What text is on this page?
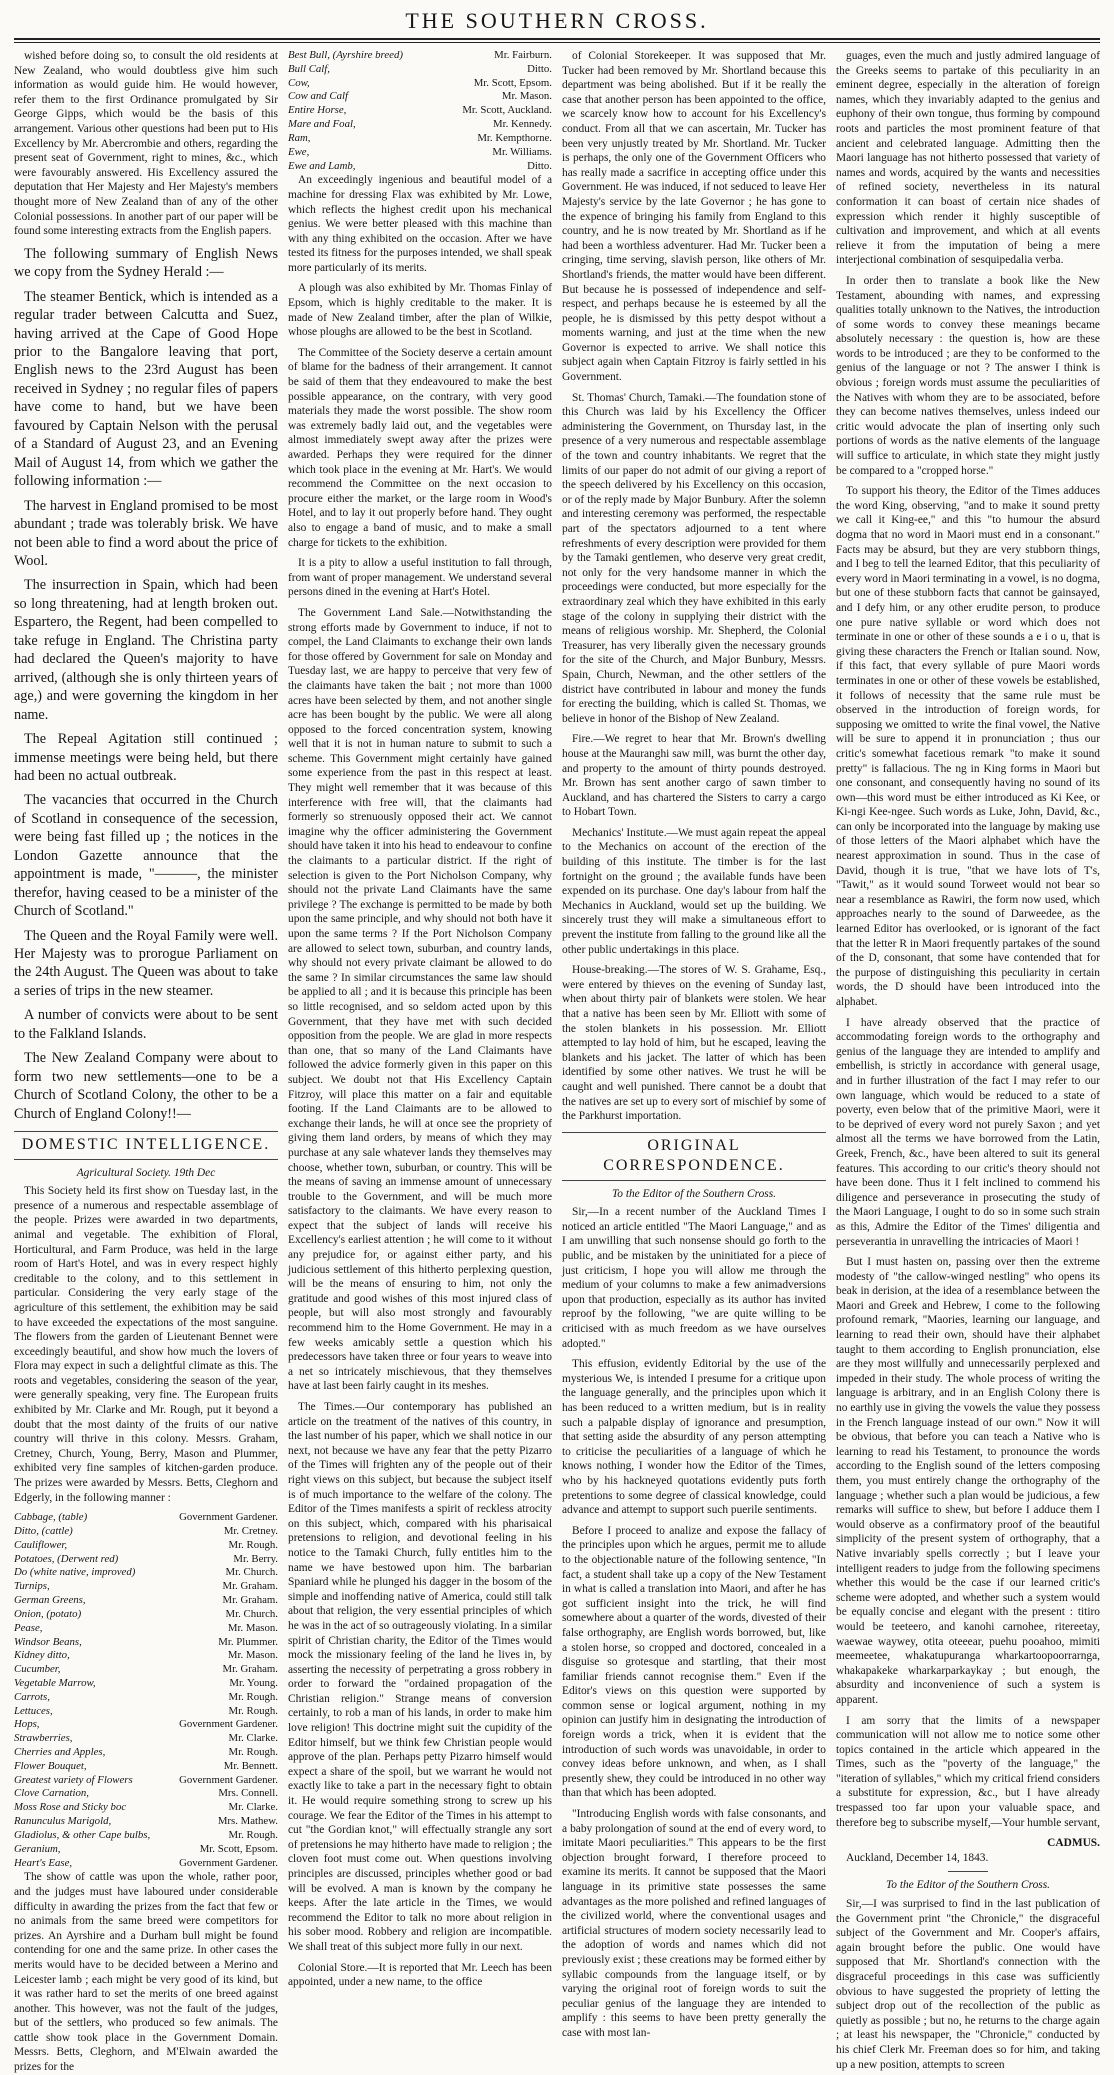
THE SOUTHERN CROSS.

wished before doing so, to consult the old residents at New Zealand, who would doubtless give him such information as would guide him. He would however, refer them to the first Ordinance promulgated by Sir George Gipps, which would be the basis of this arrangement. Various other questions had been put to His Excellency by Mr. Abercrombie and others, regarding the present seat of Government, right to mines, &c., which were favourably answered. His Excellency assured the deputation that Her Majesty and Her Majesty's members thought more of New Zealand than of any of the other Colonial possessions. In another part of our paper will be found some interesting extracts from the English papers.

The following summary of English News we copy from the Sydney Herald :—

The steamer Bentick, which is intended as a regular trader between Calcutta and Suez, having arrived at the Cape of Good Hope prior to the Bangalore leaving that port, English news to the 23rd August has been received in Sydney ; no regular files of papers have come to hand, but we have been favoured by Captain Nelson with the perusal of a Standard of August 23, and an Evening Mail of August 14, from which we gather the following information :—

The harvest in England promised to be most abundant ; trade was tolerably brisk. We have not been able to find a word about the price of Wool.

The insurrection in Spain, which had been so long threatening, had at length broken out. Espartero, the Regent, had been compelled to take refuge in England. The Christina party had declared the Queen's majority to have arrived, (although she is only thirteen years of age,) and were governing the kingdom in her name.

The Repeal Agitation still continued ; immense meetings were being held, but there had been no actual outbreak.

The vacancies that occurred in the Church of Scotland in consequence of the secession, were being fast filled up ; the notices in the London Gazette announce that the appointment is made, "———, the minister therefor, having ceased to be a minister of the Church of Scotland."

The Queen and the Royal Family were well. Her Majesty was to prorogue Parliament on the 24th August. The Queen was about to take a series of trips in the new steamer.

A number of convicts were about to be sent to the Falkland Islands.

The New Zealand Company were about to form two new settlements—one to be a Church of Scotland Colony, the other to be a Church of England Colony!!—

DOMESTIC INTELLIGENCE.
Agricultural Society. 19th Dec

This Society held its first show on Tuesday last, in the presence of a numerous and respectable assemblage of the people. Prizes were awarded in two departments, animal and vegetable. The exhibition of Floral, Horticultural, and Farm Produce, was held in the large room of Hart's Hotel, and was in every respect highly creditable to the colony, and to this settlement in particular. Considering the very early stage of the agriculture of this settlement, the exhibition may be said to have exceeded the expectations of the most sanguine. The flowers from the garden of Lieutenant Bennet were exceedingly beautiful, and show how much the lovers of Flora may expect in such a delightful climate as this. The roots and vegetables, considering the season of the year, were generally speaking, very fine. The European fruits exhibited by Mr. Clarke and Mr. Rough, put it beyond a doubt that the most dainty of the fruits of our native country will thrive in this colony. Messrs. Graham, Cretney, Church, Young, Berry, Mason and Plummer, exhibited very fine samples of kitchen-garden produce. The prizes were awarded by Messrs. Betts, Cleghorn and Edgerly, in the following manner :

Cabbage, (table)	Government Gardener.
Ditto, (cattle)	Mr. Cretney.
Cauliflower,	Mr. Rough.
Potatoes, (Derwent red)	Mr. Berry.
Do (white native, improved)	Mr. Church.
Turnips,	Mr. Graham.
German Greens,	Mr. Graham.
Onion, (potato)	Mr. Church.
Pease,	Mr. Mason.
Windsor Beans,	Mr. Plummer.
Kidney ditto,	Mr. Mason.
Cucumber,	Mr. Graham.
Vegetable Marrow,	Mr. Young.
Carrots,	Mr. Rough.
Lettuces,	Mr. Rough.
Hops,	Government Gardener.
Strawberries,	Mr. Clarke.
Cherries and Apples,	Mr. Rough.
Flower Bouquet,	Mr. Bennett.
Greatest variety of Flowers	Government Gardener.
Clove Carnation,	Mrs. Connell.
Moss Rose and Sticky boc	Mr. Clarke.
Ranunculus Marigold,	Mrs. Mathew.
Gladiolus, & other Cape bulbs,	Mr. Rough.
Geranium,	Mr. Scott, Epsom.
Heart's Ease,	Government Gardener.

The show of cattle was upon the whole, rather poor, and the judges must have laboured under considerable difficulty in awarding the prizes from the fact that few or no animals from the same breed were competitors for prizes. An Ayrshire and a Durham bull might be found contending for one and the same prize. In other cases the merits would have to be decided between a Merino and Leicester lamb ; each might be very good of its kind, but it was rather hard to set the merits of one breed against another. This however, was not the fault of the judges, but of the settlers, who produced so few animals. The cattle show took place in the Government Domain. Messrs. Betts, Cleghorn, and M'Elwain awarded the prizes for the

Best Bull, (Ayrshire breed)	Mr. Fairburn.
Bull Calf,	Ditto.
Cow,	Mr. Scott, Epsom.
Cow and Calf	Mr. Mason.
Entire Horse,	Mr. Scott, Auckland.
Mare and Foal,	Mr. Kennedy.
Ram,	Mr. Kempthorne.
Ewe,	Mr. Williams.
Ewe and Lamb,	Ditto.

An exceedingly ingenious and beautiful model of a machine for dressing Flax was exhibited by Mr. Lowe, which reflects the highest credit upon his mechanical genius. We were better pleased with this machine than with any thing exhibited on the occasion. After we have tested its fitness for the purposes intended, we shall speak more particularly of its merits.

A plough was also exhibited by Mr. Thomas Finlay of Epsom, which is highly creditable to the maker. It is made of New Zealand timber, after the plan of Wilkie, whose ploughs are allowed to be the best in Scotland.

The Committee of the Society deserve a certain amount of blame for the badness of their arrangement. It cannot be said of them that they endeavoured to make the best possible appearance, on the contrary, with very good materials they made the worst possible. The show room was extremely badly laid out, and the vegetables were almost immediately swept away after the prizes were awarded. Perhaps they were required for the dinner which took place in the evening at Mr. Hart's. We would recommend the Committee on the next occasion to procure either the market, or the large room in Wood's Hotel, and to lay it out properly before hand. They ought also to engage a band of music, and to make a small charge for tickets to the exhibition.

It is a pity to allow a useful institution to fall through, from want of proper management. We understand several persons dined in the evening at Hart's Hotel.

The Government Land Sale.—Notwithstanding the strong efforts made by Government to induce, if not to compel, the Land Claimants to exchange their own lands for those offered by Government for sale on Monday and Tuesday last, we are happy to perceive that very few of the claimants have taken the bait ; not more than 1000 acres have been selected by them, and not another single acre has been bought by the public. We were all along opposed to the forced concentration system, knowing well that it is not in human nature to submit to such a scheme. This Government might certainly have gained some experience from the past in this respect at least. They might well remember that it was because of this interference with free will, that the claimants had formerly so strenuously opposed their act. We cannot imagine why the officer administering the Government should have taken it into his head to endeavour to confine the claimants to a particular district. If the right of selection is given to the Port Nicholson Company, why should not the private Land Claimants have the same privilege ? The exchange is permitted to be made by both upon the same principle, and why should not both have it upon the same terms ? If the Port Nicholson Company are allowed to select town, suburban, and country lands, why should not every private claimant be allowed to do the same ? In similar circumstances the same law should be applied to all ; and it is because this principle has been so little recognised, and so seldom acted upon by this Government, that they have met with such decided opposition from the people. We are glad in more respects than one, that so many of the Land Claimants have followed the advice formerly given in this paper on this subject. We doubt not that His Excellency Captain Fitzroy, will place this matter on a fair and equitable footing. If the Land Claimants are to be allowed to exchange their lands, he will at once see the propriety of giving them land orders, by means of which they may purchase at any sale whatever lands they themselves may choose, whether town, suburban, or country. This will be the means of saving an immense amount of unnecessary trouble to the Government, and will be much more satisfactory to the claimants. We have every reason to expect that the subject of lands will receive his Excellency's earliest attention ; he will come to it without any prejudice for, or against either party, and his judicious settlement of this hitherto perplexing question, will be the means of ensuring to him, not only the gratitude and good wishes of this most injured class of people, but will also most strongly and favourably recommend him to the Home Government. He may in a few weeks amicably settle a question which his predecessors have taken three or four years to weave into a net so intricately mischievous, that they themselves have at last been fairly caught in its meshes.

The Times.—Our contemporary has published an article on the treatment of the natives of this country, in the last number of his paper, which we shall notice in our next, not because we have any fear that the petty Pizarro of the Times will frighten any of the people out of their right views on this subject, but because the subject itself is of much importance to the welfare of the colony. The Editor of the Times manifests a spirit of reckless atrocity on this subject, which, compared with his pharisaical pretensions to religion, and devotional feeling in his notice to the Tamaki Church, fully entitles him to the name we have bestowed upon him. The barbarian Spaniard while he plunged his dagger in the bosom of the simple and inoffending native of America, could still talk about that religion, the very essential principles of which he was in the act of so outrageously violating. In a similar spirit of Christian charity, the Editor of the Times would mock the missionary feeling of the land he lives in, by asserting the necessity of perpetrating a gross robbery in order to forward the "ordained propagation of the Christian religion." Strange means of conversion certainly, to rob a man of his lands, in order to make him love religion! This doctrine might suit the cupidity of the Editor himself, but we think few Christian people would approve of the plan. Perhaps petty Pizarro himself would expect a share of the spoil, but we warrant he would not exactly like to take a part in the necessary fight to obtain it. He would require something strong to screw up his courage. We fear the Editor of the Times in his attempt to cut "the Gordian knot," will effectually strangle any sort of pretensions he may hitherto have made to religion ; the cloven foot must come out. When questions involving principles are discussed, principles whether good or bad will be evolved. A man is known by the company he keeps. After the late article in the Times, we would recommend the Editor to talk no more about religion in his sober mood. Robbery and religion are incompatible. We shall treat of this subject more fully in our next.

Colonial Store.—It is reported that Mr. Leech has been appointed, under a new name, to the office

of Colonial Storekeeper. It was supposed that Mr. Tucker had been removed by Mr. Shortland because this department was being abolished. But if it be really the case that another person has been appointed to the office, we scarcely know how to account for his Excellency's conduct. From all that we can ascertain, Mr. Tucker has been very unjustly treated by Mr. Shortland. Mr. Tucker is perhaps, the only one of the Government Officers who has really made a sacrifice in accepting office under this Government. He was induced, if not seduced to leave Her Majesty's service by the late Governor ; he has gone to the expence of bringing his family from England to this country, and he is now treated by Mr. Shortland as if he had been a worthless adventurer. Had Mr. Tucker been a cringing, time serving, slavish person, like others of Mr. Shortland's friends, the matter would have been different. But because he is possessed of independence and self-respect, and perhaps because he is esteemed by all the people, he is dismissed by this petty despot without a moments warning, and just at the time when the new Governor is expected to arrive. We shall notice this subject again when Captain Fitzroy is fairly settled in his Government.

St. Thomas' Church, Tamaki.—The foundation stone of this Church was laid by his Excellency the Officer administering the Government, on Thursday last, in the presence of a very numerous and respectable assemblage of the town and country inhabitants. We regret that the limits of our paper do not admit of our giving a report of the speech delivered by his Excellency on this occasion, or of the reply made by Major Bunbury. After the solemn and interesting ceremony was performed, the respectable part of the spectators adjourned to a tent where refreshments of every description were provided for them by the Tamaki gentlemen, who deserve very great credit, not only for the very handsome manner in which the proceedings were conducted, but more especially for the extraordinary zeal which they have exhibited in this early stage of the colony in supplying their district with the means of religious worship. Mr. Shepherd, the Colonial Treasurer, has very liberally given the necessary grounds for the site of the Church, and Major Bunbury, Messrs. Spain, Church, Newman, and the other settlers of the district have contributed in labour and money the funds for erecting the building, which is called St. Thomas, we believe in honor of the Bishop of New Zealand.

Fire.—We regret to hear that Mr. Brown's dwelling house at the Mauranghi saw mill, was burnt the other day, and property to the amount of thirty pounds destroyed. Mr. Brown has sent another cargo of sawn timber to Auckland, and has chartered the Sisters to carry a cargo to Hobart Town.

Mechanics' Institute.—We must again repeat the appeal to the Mechanics on account of the erection of the building of this institute. The timber is for the last fortnight on the ground ; the available funds have been expended on its purchase. One day's labour from half the Mechanics in Auckland, would set up the building. We sincerely trust they will make a simultaneous effort to prevent the institute from falling to the ground like all the other public undertakings in this place.

House-breaking.—The stores of W. S. Grahame, Esq., were entered by thieves on the evening of Sunday last, when about thirty pair of blankets were stolen. We hear that a native has been seen by Mr. Elliott with some of the stolen blankets in his possession. Mr. Elliott attempted to lay hold of him, but he escaped, leaving the blankets and his jacket. The latter of which has been identified by some other natives. We trust he will be caught and well punished. There cannot be a doubt that the natives are set up to every sort of mischief by some of the Parkhurst importation.

ORIGINAL CORRESPONDENCE.
To the Editor of the Southern Cross.

Sir,—In a recent number of the Auckland Times I noticed an article entitled "The Maori Language," and as I am unwilling that such nonsense should go forth to the public, and be mistaken by the uninitiated for a piece of just criticism, I hope you will allow me through the medium of your columns to make a few animadversions upon that production, especially as its author has invited reproof by the following, "we are quite willing to be criticised with as much freedom as we have ourselves adopted."

This effusion, evidently Editorial by the use of the mysterious We, is intended I presume for a critique upon the language generally, and the principles upon which it has been reduced to a written medium, but is in reality such a palpable display of ignorance and presumption, that setting aside the absurdity of any person attempting to criticise the peculiarities of a language of which he knows nothing, I wonder how the Editor of the Times, who by his hackneyed quotations evidently puts forth pretentions to some degree of classical knowledge, could advance and attempt to support such puerile sentiments.

Before I proceed to analize and expose the fallacy of the principles upon which he argues, permit me to allude to the objectionable nature of the following sentence, "In fact, a student shall take up a copy of the New Testament in what is called a translation into Maori, and after he has got sufficient insight into the trick, he will find somewhere about a quarter of the words, divested of their false orthography, are English words borrowed, but, like a stolen horse, so cropped and doctored, concealed in a disguise so grotesque and startling, that their most familiar friends cannot recognise them." Even if the Editor's views on this question were supported by common sense or logical argument, nothing in my opinion can justify him in designating the introduction of foreign words a trick, when it is evident that the introduction of such words was unavoidable, in order to convey ideas before unknown, and when, as I shall presently shew, they could be introduced in no other way than that which has been adopted.

"Introducing English words with false consonants, and a baby prolongation of sound at the end of every word, to imitate Maori peculiarities." This appears to be the first objection brought forward, I therefore proceed to examine its merits. It cannot be supposed that the Maori language in its primitive state possesses the same advantages as the more polished and refined languages of the civilized world, where the conventional usages and artificial structures of modern society necessarily lead to the adoption of words and names which did not previously exist ; these creations may be formed either by syllabic compounds from the language itself, or by varying the original root of foreign words to suit the peculiar genius of the language they are intended to amplify : this seems to have been pretty generally the case with most lan-

guages, even the much and justly admired language of the Greeks seems to partake of this peculiarity in an eminent degree, especially in the alteration of foreign names, which they invariably adapted to the genius and euphony of their own tongue, thus forming by compound roots and particles the most prominent feature of that ancient and celebrated language. Admitting then the Maori language has not hitherto possessed that variety of names and words, acquired by the wants and necessities of refined society, nevertheless in its natural conformation it can boast of certain nice shades of expression which render it highly susceptible of cultivation and improvement, and which at all events relieve it from the imputation of being a mere interjectional combination of sesquipedalia verba.

In order then to translate a book like the New Testament, abounding with names, and expressing qualities totally unknown to the Natives, the introduction of some words to convey these meanings became absolutely necessary : the question is, how are these words to be introduced ; are they to be conformed to the genius of the language or not ? The answer I think is obvious ; foreign words must assume the peculiarities of the Natives with whom they are to be associated, before they can become natives themselves, unless indeed our critic would advocate the plan of inserting only such portions of words as the native elements of the language will suffice to articulate, in which state they might justly be compared to a "cropped horse."

To support his theory, the Editor of the Times adduces the word King, observing, "and to make it sound pretty we call it King-ee," and this "to humour the absurd dogma that no word in Maori must end in a consonant." Facts may be absurd, but they are very stubborn things, and I beg to tell the learned Editor, that this peculiarity of every word in Maori terminating in a vowel, is no dogma, but one of these stubborn facts that cannot be gainsayed, and I defy him, or any other erudite person, to produce one pure native syllable or word which does not terminate in one or other of these sounds a e i o u, that is giving these characters the French or Italian sound. Now, if this fact, that every syllable of pure Maori words terminates in one or other of these vowels be established, it follows of necessity that the same rule must be observed in the introduction of foreign words, for supposing we omitted to write the final vowel, the Native will be sure to append it in pronunciation ; thus our critic's somewhat facetious remark "to make it sound pretty" is fallacious. The ng in King forms in Maori but one consonant, and consequently having no sound of its own—this word must be either introduced as Ki Kee, or Ki-ngi Kee-ngee. Such words as Luke, John, David, &c., can only be incorporated into the language by making use of those letters of the Maori alphabet which have the nearest approximation in sound. Thus in the case of David, though it is true, "that we have lots of T's, "Tawit," as it would sound Torweet would not bear so near a resemblance as Rawiri, the form now used, which approaches nearly to the sound of Darweedee, as the learned Editor has overlooked, or is ignorant of the fact that the letter R in Maori frequently partakes of the sound of the D, consonant, that some have contended that for the purpose of distinguishing this peculiarity in certain words, the D should have been introduced into the alphabet.

I have already observed that the practice of accommodating foreign words to the orthography and genius of the language they are intended to amplify and embellish, is strictly in accordance with general usage, and in further illustration of the fact I may refer to our own language, which would be reduced to a state of poverty, even below that of the primitive Maori, were it to be deprived of every word not purely Saxon ; and yet almost all the terms we have borrowed from the Latin, Greek, French, &c., have been altered to suit its general features. This according to our critic's theory should not have been done. Thus it I felt inclined to commend his diligence and perseverance in prosecuting the study of the Maori Language, I ought to do so in some such strain as this, Admire the Editor of the Times' diligentia and perseverantia in unravelling the intricacies of Maori !

But I must hasten on, passing over then the extreme modesty of "the callow-winged nestling" who opens its beak in derision, at the idea of a resemblance between the Maori and Greek and Hebrew, I come to the following profound remark, "Maories, learning our language, and learning to read their own, should have their alphabet taught to them according to English pronunciation, else are they most willfully and unnecessarily perplexed and impeded in their study. The whole process of writing the language is arbitrary, and in an English Colony there is no earthly use in giving the vowels the value they possess in the French language instead of our own." Now it will be obvious, that before you can teach a Native who is learning to read his Testament, to pronounce the words according to the English sound of the letters composing them, you must entirely change the orthography of the language ; whether such a plan would be judicious, a few remarks will suffice to shew, but before I adduce them I would observe as a confirmatory proof of the beautiful simplicity of the present system of orthography, that a Native invariably spells correctly ; but I leave your intelligent readers to judge from the following specimens whether this would be the case if our learned critic's scheme were adopted, and whether such a system would be equally concise and elegant with the present : titiro would be teeteero, and kanohi carnohee, ritereetay, waewae waywey, otita oteeear, puehu pooahoo, mimiti meemeetee, whakatupuranga wharkartoopoorrarnga, whakapakeke wharkarparkaykay ; but enough, the absurdity and inconvenience of such a system is apparent.

I am sorry that the limits of a newspaper communication will not allow me to notice some other topics contained in the article which appeared in the Times, such as the "poverty of the language," the "iteration of syllables," which my critical friend considers a substitute for expression, &c., but I have already trespassed too far upon your valuable space, and therefore beg to subscribe myself,—Your humble servant,

CADMUS.

Auckland, December 14, 1843.

To the Editor of the Southern Cross.

Sir,—I was surprised to find in the last publication of the Government print "the Chronicle," the disgraceful subject of the Government and Mr. Cooper's affairs, again brought before the public. One would have supposed that Mr. Shortland's connection with the disgraceful proceedings in this case was sufficiently obvious to have suggested the propriety of letting the subject drop out of the recollection of the public as quietly as possible ; but no, he returns to the charge again ; at least his newspaper, the "Chronicle," conducted by his chief Clerk Mr. Freeman does so for him, and taking up a new position, attempts to screen
